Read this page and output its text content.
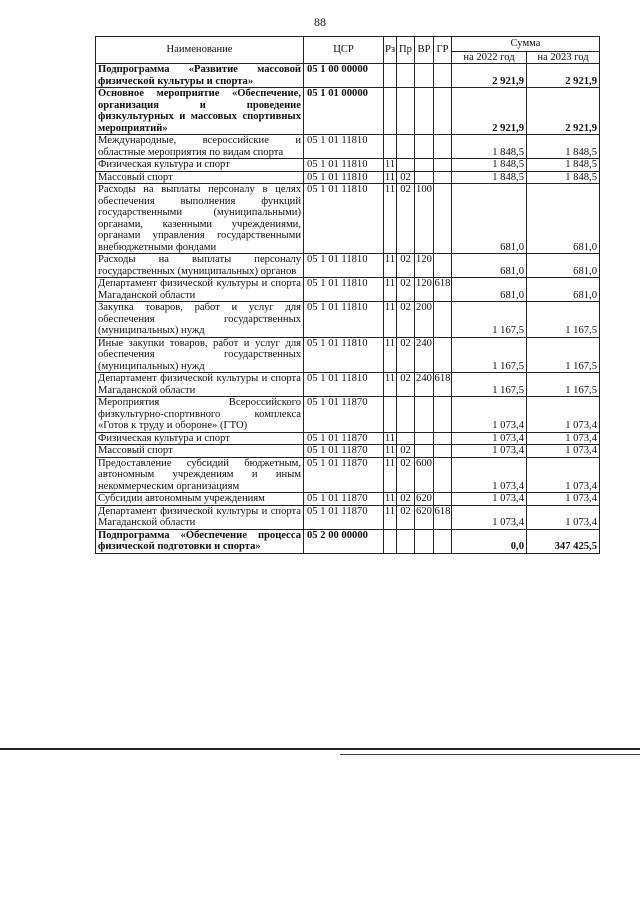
88
Наименование	ЦСР	Рз	Пр	ВР	ГР	Сумма	
						на 2022 год	на 2023 год
Подпрограмма «Развитие массовой физической культуры и спорта»	05 1 00 00000					2 921,9	2 921,9
Основное мероприятие «Обеспечение, организация и проведение физкультурных и массовых спортивных мероприятий»	05 1 01 00000					2 921,9	2 921,9
Международные, всероссийские и областные мероприятия по видам спорта	05 1 01 11810					1 848,5	1 848,5
Физическая культура и спорт	05 1 01 11810	11				1 848,5	1 848,5
Массовый спорт	05 1 01 11810	11	02			1 848,5	1 848,5
Расходы на выплаты персоналу в целях обеспечения выполнения функций государственными (муниципальными) органами, казенными учреждениями, органами управления государственными внебюджетными фондами	05 1 01 11810	11	02	100		681,0	681,0
Расходы на выплаты персоналу государственных (муниципальных) органов	05 1 01 11810	11	02	120		681,0	681,0
Департамент физической культуры и спорта Магаданской области	05 1 01 11810	11	02	120	618	681,0	681,0
Закупка товаров, работ и услуг для обеспечения государственных (муниципальных) нужд	05 1 01 11810	11	02	200		1 167,5	1 167,5
Иные закупки товаров, работ и услуг для обеспечения государственных (муниципальных) нужд	05 1 01 11810	11	02	240		1 167,5	1 167,5
Департамент физической культуры и спорта Магаданской области	05 1 01 11810	11	02	240	618	1 167,5	1 167,5
Мероприятия Всероссийского физкультурно-спортивного комплекса «Готов к труду и обороне» (ГТО)	05 1 01 11870					1 073,4	1 073,4
Физическая культура и спорт	05 1 01 11870	11				1 073,4	1 073,4
Массовый спорт	05 1 01 11870	11	02			1 073,4	1 073,4
Предоставление субсидий бюджетным, автономным учреждениям и иным некоммерческим организациям	05 1 01 11870	11	02	600		1 073,4	1 073,4
Субсидии автономным учреждениям	05 1 01 11870	11	02	620		1 073,4	1 073,4
Департамент физической культуры и спорта Магаданской области	05 1 01 11870	11	02	620	618	1 073,4	1 073,4
Подпрограмма «Обеспечение процесса физической подготовки и спорта»	05 2 00 00000					0,0	347 425,5
